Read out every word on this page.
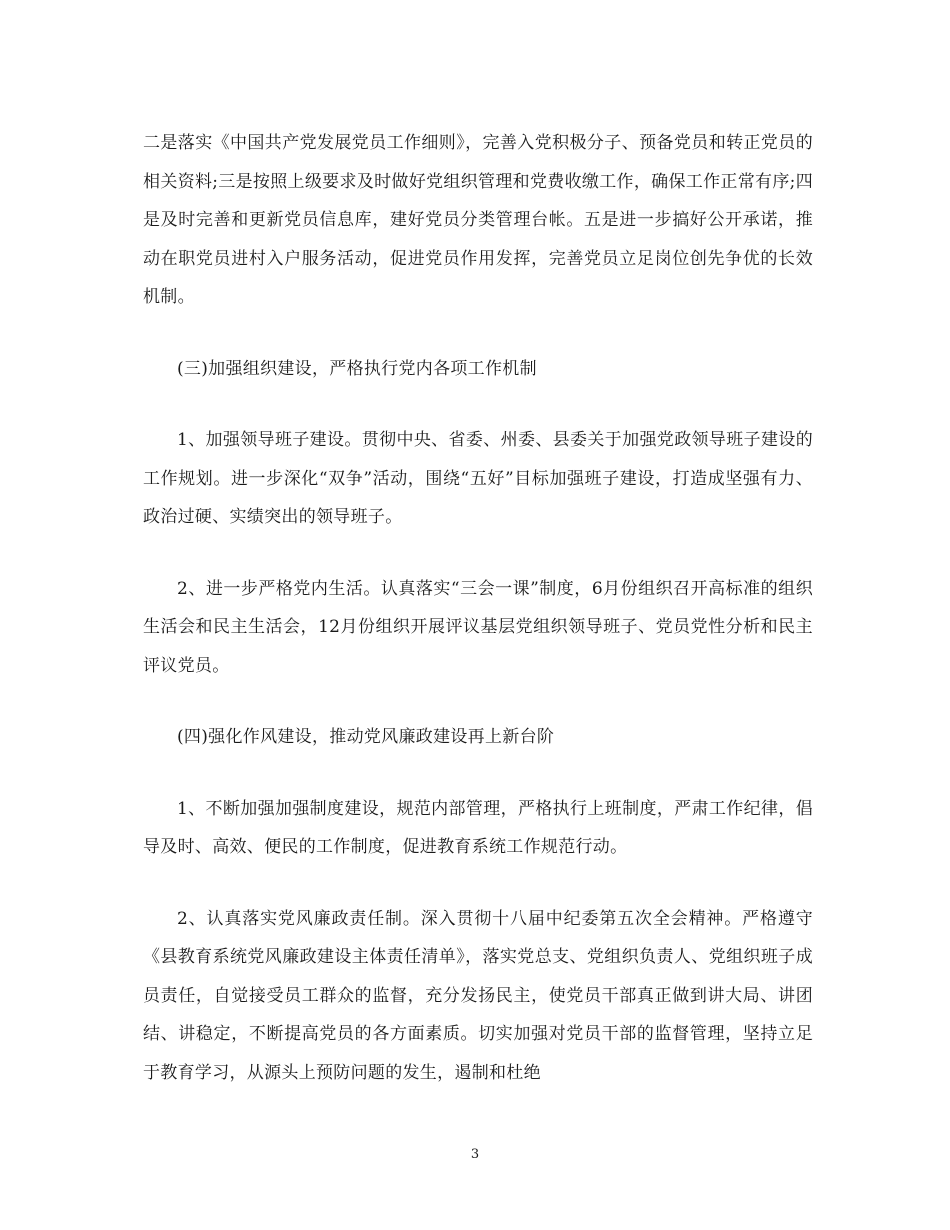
二是落实《中国共产党发展党员工作细则》，完善入党积极分子、预备党员和转正党员的相关资料;三是按照上级要求及时做好党组织管理和党费收缴工作，确保工作正常有序;四是及时完善和更新党员信息库，建好党员分类管理台帐。五是进一步搞好公开承诺，推动在职党员进村入户服务活动，促进党员作用发挥，完善党员立足岗位创先争优的长效机制。

(三)加强组织建设，严格执行党内各项工作机制

1、加强领导班子建设。贯彻中央、省委、州委、县委关于加强党政领导班子建设的工作规划。进一步深化“双争”活动，围绕“五好”目标加强班子建设，打造成坚强有力、政治过硬、实绩突出的领导班子。

2、进一步严格党内生活。认真落实“三会一课”制度，6月份组织召开高标准的组织生活会和民主生活会，12月份组织开展评议基层党组织领导班子、党员党性分析和民主评议党员。

(四)强化作风建设，推动党风廉政建设再上新台阶

1、不断加强加强制度建设，规范内部管理，严格执行上班制度，严肃工作纪律，倡导及时、高效、便民的工作制度，促进教育系统工作规范行动。

2、认真落实党风廉政责任制。深入贯彻十八届中纪委第五次全会精神。严格遵守《县教育系统党风廉政建设主体责任清单》，落实党总支、党组织负责人、党组织班子成员责任，自觉接受员工群众的监督，充分发扬民主，使党员干部真正做到讲大局、讲团结、讲稳定，不断提高党员的各方面素质。切实加强对党员干部的监督管理，坚持立足于教育学习，从源头上预防问题的发生，遏制和杜绝

3
